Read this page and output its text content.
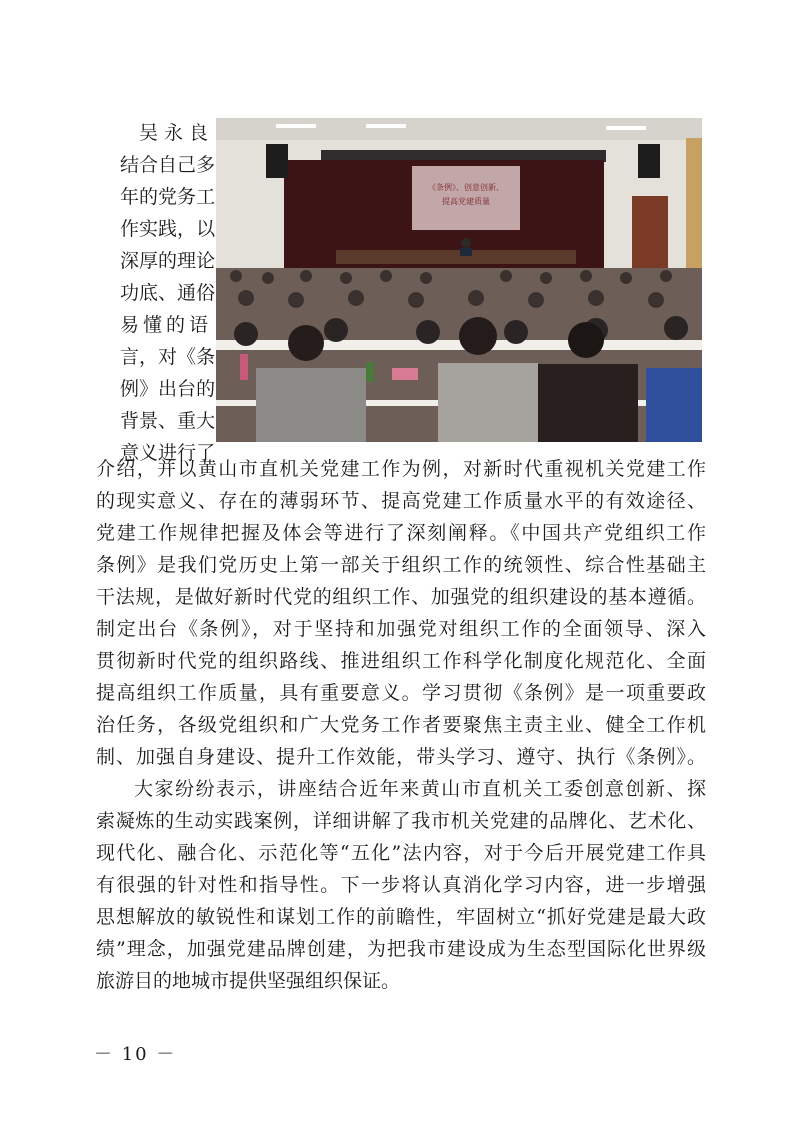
《条例》、创意创新、
提高党建质量
吴 永 良
结 合 自 己 多
年 的 党 务 工
作 实 践 ， 以
深 厚 的 理 论
功 底 、 通 俗
易 懂 的 语
言 ， 对 《 条
例 》 出 台 的
背 景 、 重 大
意 义 进 行 了
介绍，并以黄山市直机关党建工作为例，对新时代重视机关党建工作
的现实意义、存在的薄弱环节、提高党建工作质量水平的有效途径、
党建工作规律把握及体会等进行了深刻阐释。《中国共产党组织工作
条例》是我们党历史上第一部关于组织工作的统领性、综合性基础主
干法规，是做好新时代党的组织工作、加强党的组织建设的基本遵循。
制定出台《条例》，对于坚持和加强党对组织工作的全面领导、深入
贯彻新时代党的组织路线、推进组织工作科学化制度化规范化、全面
提高组织工作质量，具有重要意义。学习贯彻《条例》是一项重要政
治任务，各级党组织和广大党务工作者要聚焦主责主业、健全工作机
制、加强自身建设、提升工作效能，带头学习、遵守、执行《条例》。
大家纷纷表示，讲座结合近年来黄山市直机关工委创意创新、探
索凝炼的生动实践案例，详细讲解了我市机关党建的品牌化、艺术化、
现代化、融合化、示范化等“五化”法内容，对于今后开展党建工作具
有很强的针对性和指导性。下一步将认真消化学习内容，进一步增强
思想解放的敏锐性和谋划工作的前瞻性，牢固树立“抓好党建是最大政
绩”理念，加强党建品牌创建，为把我市建设成为生态型国际化世界级
旅游目的地城市提供坚强组织保证。
－ 10 －
